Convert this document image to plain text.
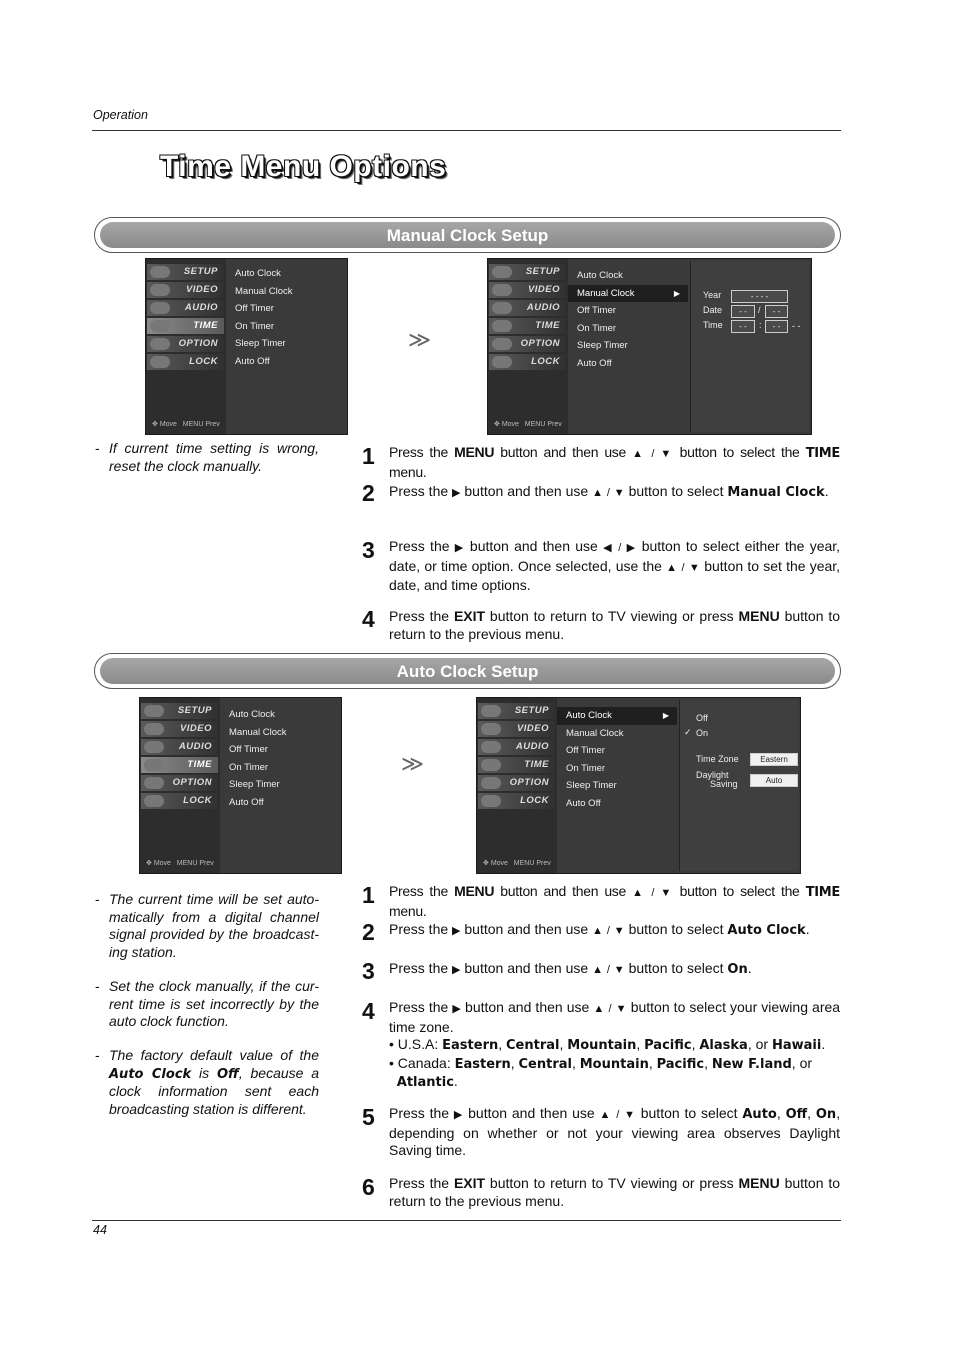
Operation
Time Menu Options
Manual Clock Setup
SETUP
VIDEO
AUDIO
TIME
OPTION
LOCK
Auto Clock
Manual Clock
Off Timer
On Timer
Sleep Timer
Auto Off
✥ Move MENU Prev
≫
SETUP
VIDEO
AUDIO
TIME
OPTION
LOCK
Auto Clock
Manual Clock	▶
Off Timer
On Timer
Sleep Timer
Auto Off
Year	- - - -
Date	- -	/	- -
Time	- -	:	- -	- -
✥ Move MENU Prev
- If current time setting is wrong, reset the clock manually.	1 Press the MENU button and then use ▲ / ▼ button to select the TIME menu.
2 Press the ▶ button and then use ▲ / ▼ button to select Manual Clock.
3 Press the ▶ button and then use ◀ / ▶ button to select either the year, date, or time option. Once selected, use the ▲ / ▼ button to set the year, date, and time options.
4 Press the EXIT button to return to TV viewing or press MENU button to return to the previous menu.
Auto Clock Setup
SETUP
VIDEO
AUDIO
TIME
OPTION
LOCK
Auto Clock
Manual Clock
Off Timer
On Timer
Sleep Timer
Auto Off
✥ Move MENU Prev
≫
SETUP
VIDEO
AUDIO
TIME
OPTION
LOCK
Auto Clock	▶
Manual Clock
Off Timer
On Timer
Sleep Timer
Auto Off
Off
✓ On
Time Zone	Eastern
Daylight
Saving	Auto
✥ Move MENU Prev
- The current time will be set auto-matically from a digital channel signal provided by the broadcast-ing station.
- Set the clock manually, if the cur-rent time is set incorrectly by the auto clock function.
- The factory default value of the Auto Clock is Off, because a clock information sent each broadcasting station is different.
1 Press the MENU button and then use ▲ / ▼ button to select the TIME menu.
2 Press the ▶ button and then use ▲ / ▼ button to select Auto Clock.
3 Press the ▶ button and then use ▲ / ▼ button to select On.
4 Press the ▶ button and then use ▲ / ▼ button to select your viewing area time zone.
• U.S.A: Eastern, Central, Mountain, Pacific, Alaska, or Hawaii.
• Canada: Eastern, Central, Mountain, Pacific, New F.land, or
Atlantic.
5 Press the ▶ button and then use ▲ / ▼ button to select Auto, Off, On, depending on whether or not your viewing area observes Daylight Saving time.
6 Press the EXIT button to return to TV viewing or press MENU button to return to the previous menu.
44
